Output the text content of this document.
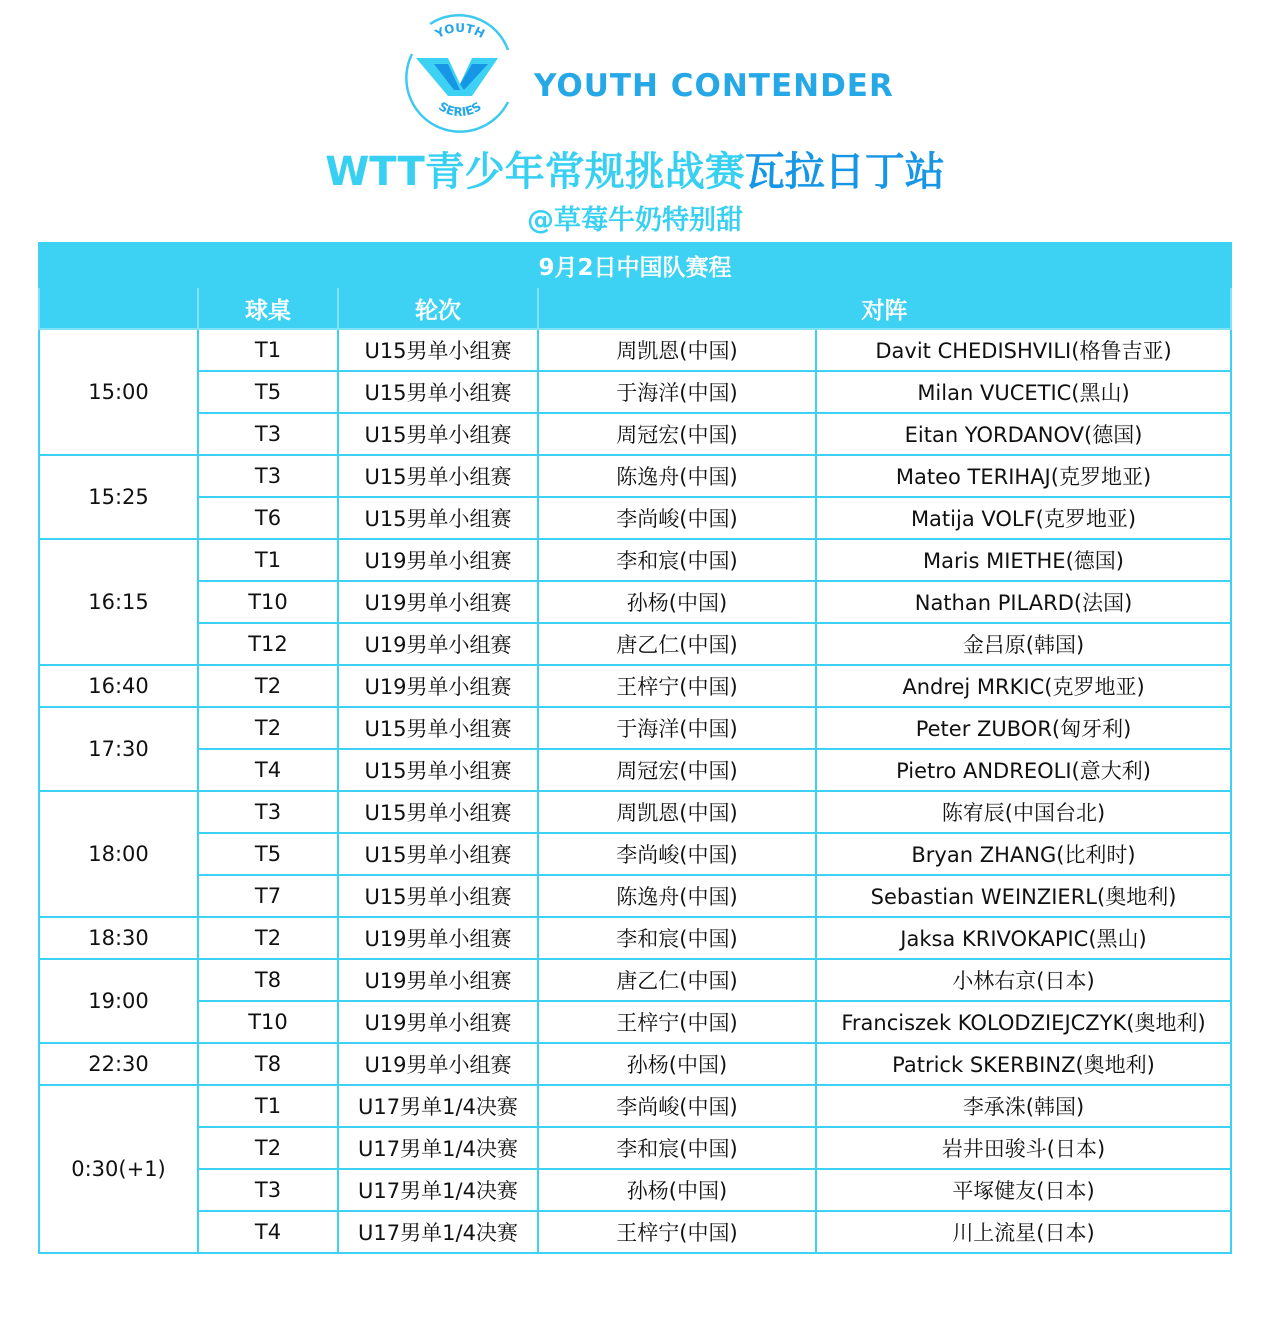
YOUTH
SERIES
YOUTH CONTENDER
WTT青少年常规挑战赛瓦拉日丁站
@草莓牛奶特别甜
9月2日中国队赛程				
	球桌	轮次	对阵	
15:00	T1	U15男单小组赛	周凯恩(中国)	Davit CHEDISHVILI(格鲁吉亚)
	T5	U15男单小组赛	于海洋(中国)	Milan VUCETIC(黑山)
	T3	U15男单小组赛	周冠宏(中国)	Eitan YORDANOV(德国)
15:25	T3	U15男单小组赛	陈逸舟(中国)	Mateo TERIHAJ(克罗地亚)
	T6	U15男单小组赛	李尚峻(中国)	Matija VOLF(克罗地亚)
16:15	T1	U19男单小组赛	李和宸(中国)	Maris MIETHE(德国)
	T10	U19男单小组赛	孙杨(中国)	Nathan PILARD(法国)
	T12	U19男单小组赛	唐乙仁(中国)	金吕原(韩国)
16:40	T2	U19男单小组赛	王梓宁(中国)	Andrej MRKIC(克罗地亚)
17:30	T2	U15男单小组赛	于海洋(中国)	Peter ZUBOR(匈牙利)
	T4	U15男单小组赛	周冠宏(中国)	Pietro ANDREOLI(意大利)
18:00	T3	U15男单小组赛	周凯恩(中国)	陈宥辰(中国台北)
	T5	U15男单小组赛	李尚峻(中国)	Bryan ZHANG(比利时)
	T7	U15男单小组赛	陈逸舟(中国)	Sebastian WEINZIERL(奥地利)
18:30	T2	U19男单小组赛	李和宸(中国)	Jaksa KRIVOKAPIC(黑山)
19:00	T8	U19男单小组赛	唐乙仁(中国)	小林右京(日本)
	T10	U19男单小组赛	王梓宁(中国)	Franciszek KOLODZIEJCZYK(奥地利)
22:30	T8	U19男单小组赛	孙杨(中国)	Patrick SKERBINZ(奥地利)
0:30(+1)	T1	U17男单1/4决赛	李尚峻(中国)	李承洙(韩国)
	T2	U17男单1/4决赛	李和宸(中国)	岩井田骏斗(日本)
	T3	U17男单1/4决赛	孙杨(中国)	平塚健友(日本)
	T4	U17男单1/4决赛	王梓宁(中国)	川上流星(日本)
